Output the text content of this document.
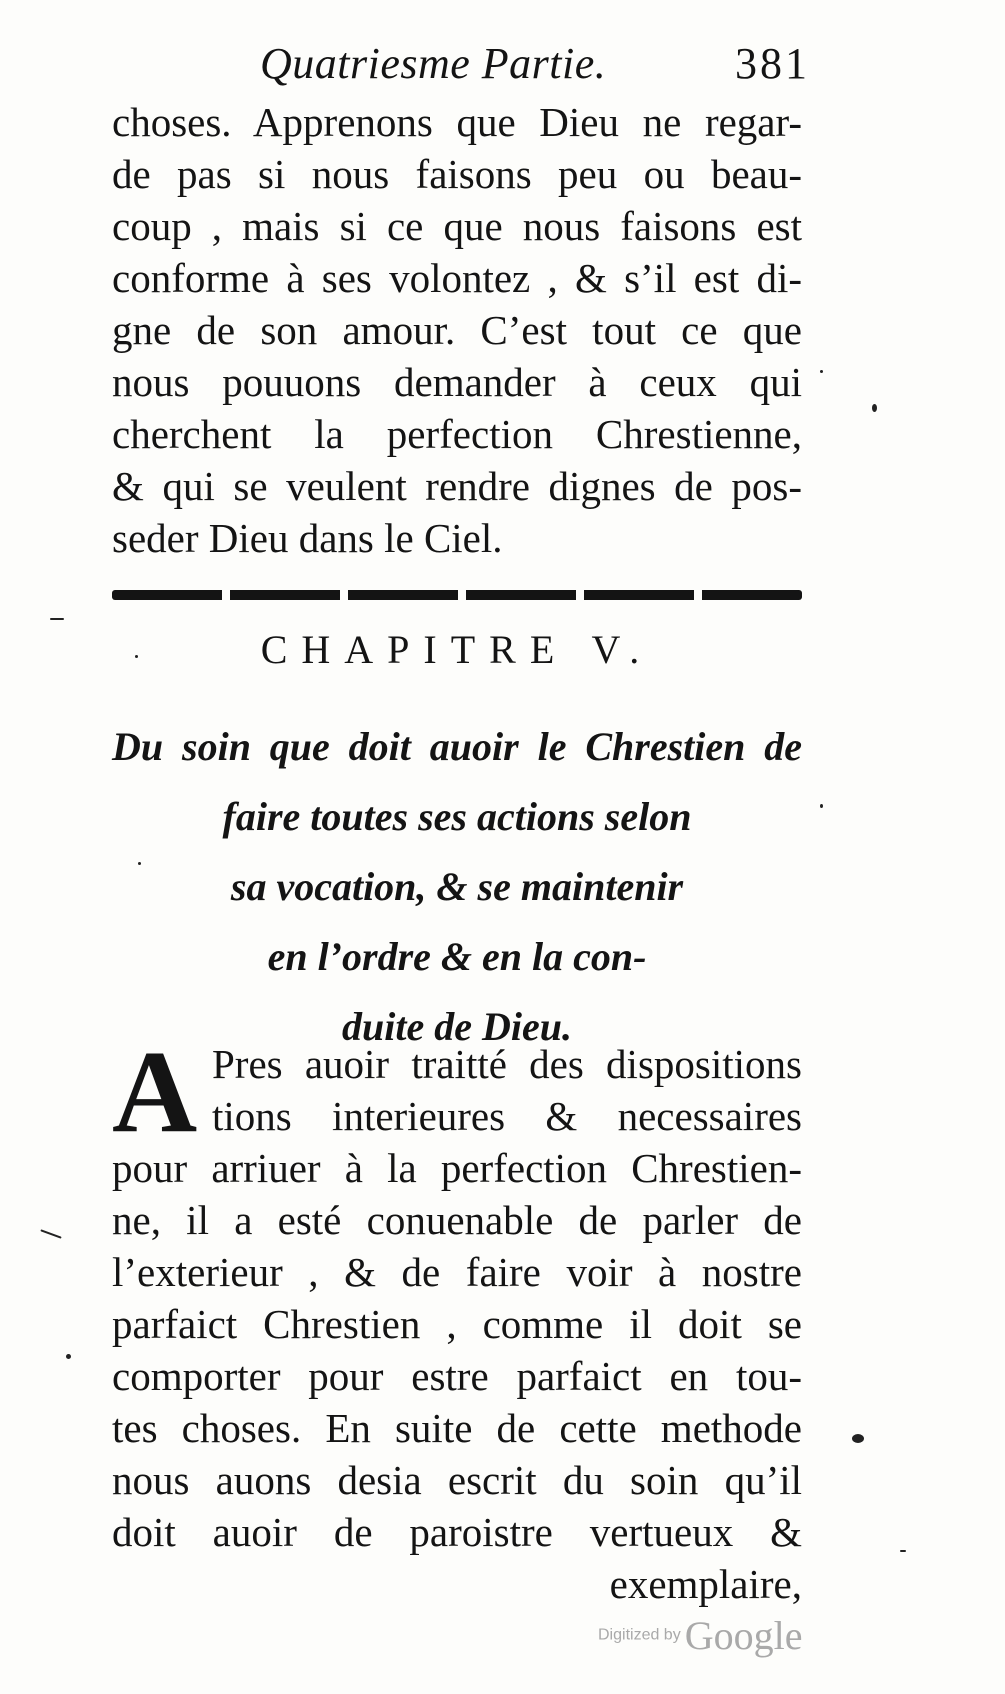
Quatriesme Partie.	381
choses. Apprenons que Dieu ne regar-
de pas si nous faisons peu ou beau-
coup , mais si ce que nous faisons est
conforme à ses volontez , & s’il est di-
gne de son amour. C’est tout ce que
nous pouuons demander à ceux qui
cherchent la perfection Chrestienne,
& qui se veulent rendre dignes de pos-
seder Dieu dans le Ciel.
CHAPITRE V.
Du soin que doit auoir le Chrestien de
faire toutes ses actions selon
sa vocation, & se maintenir
en l’ordre & en la con-
duite de Dieu.
A Pres auoir traitté des dispositions
tions interieures & necessaires
pour arriuer à la perfection Chrestien-
ne, il a esté conuenable de parler de
l’exterieur , & de faire voir à nostre
parfaict Chrestien , comme il doit se
comporter pour estre parfaict en tou-
tes choses. En suite de cette methode
nous auons desia escrit du soin qu’il
doit auoir de paroistre vertueux &
exemplaire,
Digitized by Google
